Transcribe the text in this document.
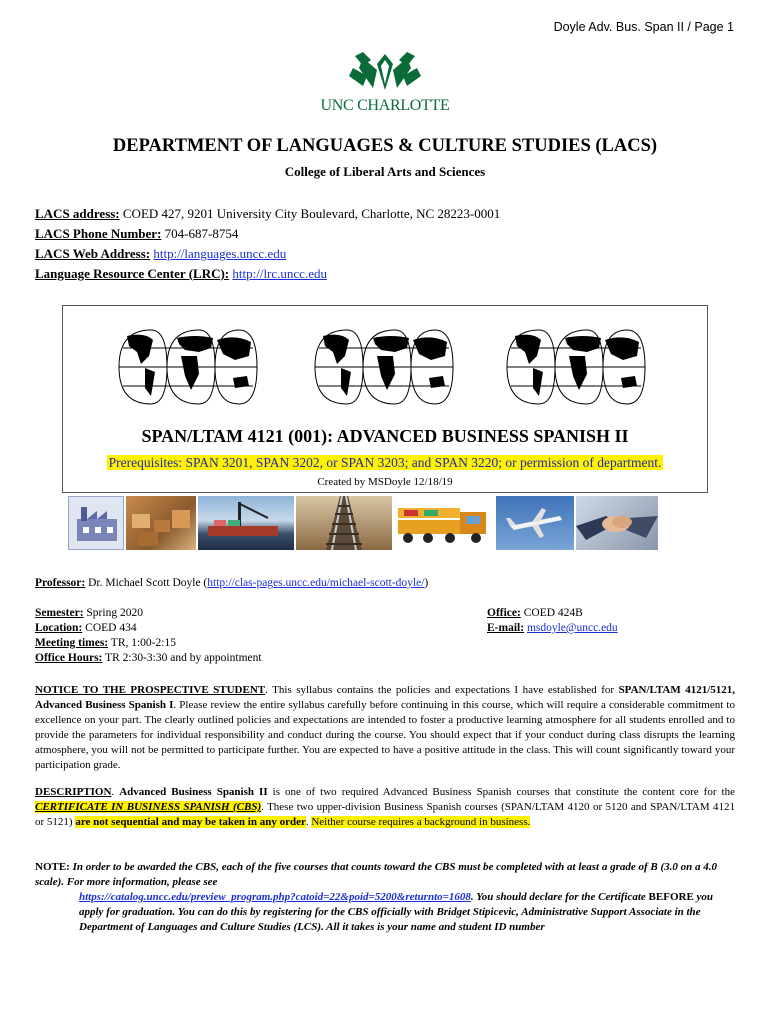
Doyle Adv. Bus. Span II / Page 1
UNC CHARLOTTE
DEPARTMENT OF LANGUAGES & CULTURE STUDIES (LACS)
College of Liberal Arts and Sciences
LACS address: COED 427, 9201 University City Boulevard, Charlotte, NC 28223-0001
LACS Phone Number: 704-687-8754
LACS Web Address: http://languages.uncc.edu
Language Resource Center (LRC): http://lrc.uncc.edu
SPAN/LTAM 4121 (001): ADVANCED BUSINESS SPANISH II
Prerequisites: SPAN 3201, SPAN 3202, or SPAN 3203; and SPAN 3220; or permission of department.
Created by MSDoyle 12/18/19
Professor: Dr. Michael Scott Doyle (http://clas-pages.uncc.edu/michael-scott-doyle/)
Semester: Spring 2020
Location: COED 434
Meeting times: TR, 1:00-2:15
Office Hours: TR 2:30-3:30 and by appointment
Office: COED 424B
E-mail: msdoyle@uncc.edu
NOTICE TO THE PROSPECTIVE STUDENT. This syllabus contains the policies and expectations I have established for SPAN/LTAM 4121/5121, Advanced Business Spanish I. Please review the entire syllabus carefully before continuing in this course, which will require a considerable commitment to excellence on your part. The clearly outlined policies and expectations are intended to foster a productive learning atmosphere for all students enrolled and to provide the parameters for individual responsibility and conduct during the course. You should expect that if your conduct during class disrupts the learning atmosphere, you will not be permitted to participate further. You are expected to have a positive attitude in the class. This will count significantly toward your participation grade.
DESCRIPTION. Advanced Business Spanish II is one of two required Advanced Business Spanish courses that constitute the content core for the CERTIFICATE IN BUSINESS SPANISH (CBS). These two upper-division Business Spanish courses (SPAN/LTAM 4120 or 5120 and SPAN/LTAM 4121 or 5121) are not sequential and may be taken in any order. Neither course requires a background in business.
NOTE: In order to be awarded the CBS, each of the five courses that counts toward the CBS must be completed with at least a grade of B (3.0 on a 4.0 scale). For more information, please see
https://catalog.uncc.edu/preview_program.php?catoid=22&poid=5200&returnto=1608. You should declare for the Certificate BEFORE you apply for graduation. You can do this by registering for the CBS officially with Bridget Stipicevic, Administrative Support Associate in the Department of Languages and Culture Studies (LCS). All it takes is your name and student ID number
